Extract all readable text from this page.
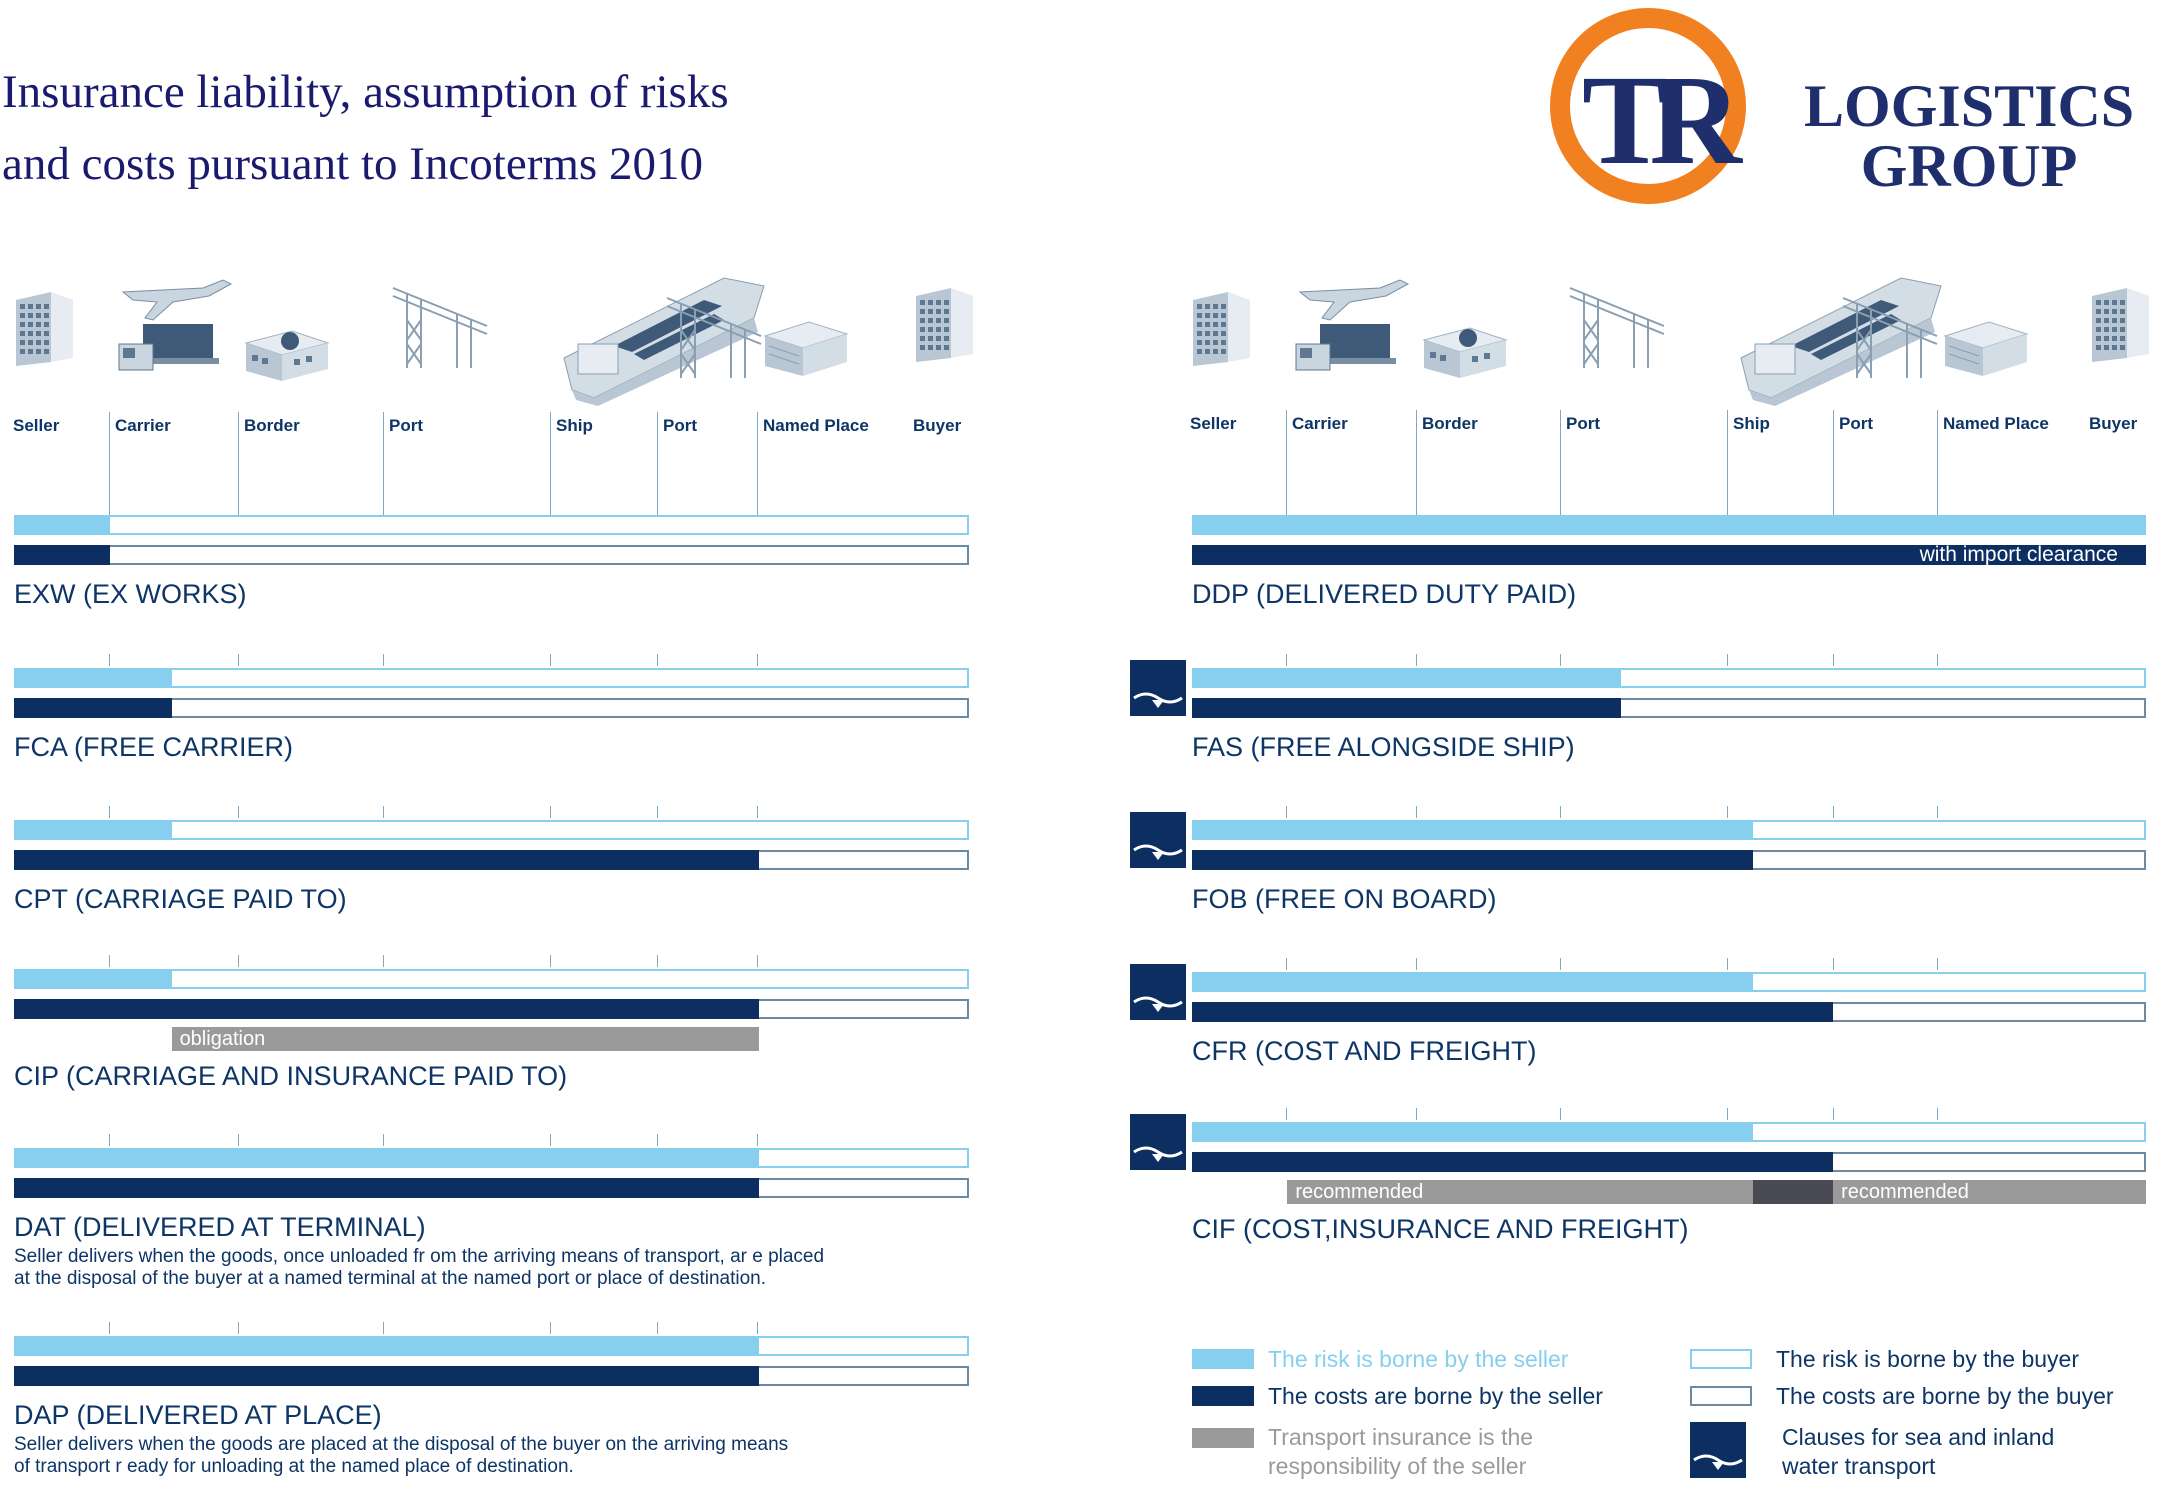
Insurance liability, assumption of risks
and costs pursuant to Incoterms 2010	TR LOGISTICS
GROUP
Seller	Carrier	Border	Port	Ship	Port	Named Place	Buyer
EXW (EX WORKS)
FCA (FREE CARRIER)
CPT (CARRIAGE PAID TO)
obligation
CIP (CARRIAGE AND INSURANCE PAID TO)
DAT (DELIVERED AT TERMINAL)
Seller delivers when the goods, once unloaded fr om the arriving means of transport, ar e placed
at the disposal of the buyer at a named terminal at the named port or place of destination.
DAP (DELIVERED AT PLACE)
Seller delivers when the goods are placed at the disposal of the buyer on the arriving means
of transport r eady for unloading at the named place of destination.
Seller	Carrier	Border	Port	Ship	Port	Named Place Buyer
with import clearance
DDP (DELIVERED DUTY PAID)
FAS (FREE ALONGSIDE SHIP)
FOB (FREE ON BOARD)
CFR (COST AND FREIGHT)
recommended	recommended
CIF (COST,INSURANCE AND FREIGHT)
The risk is borne by the seller
The costs are borne by the seller
Transport insurance is the
responsibility of the seller
The risk is borne by the buyer
The costs are borne by the buyer
Clauses for sea and inland
water transport
